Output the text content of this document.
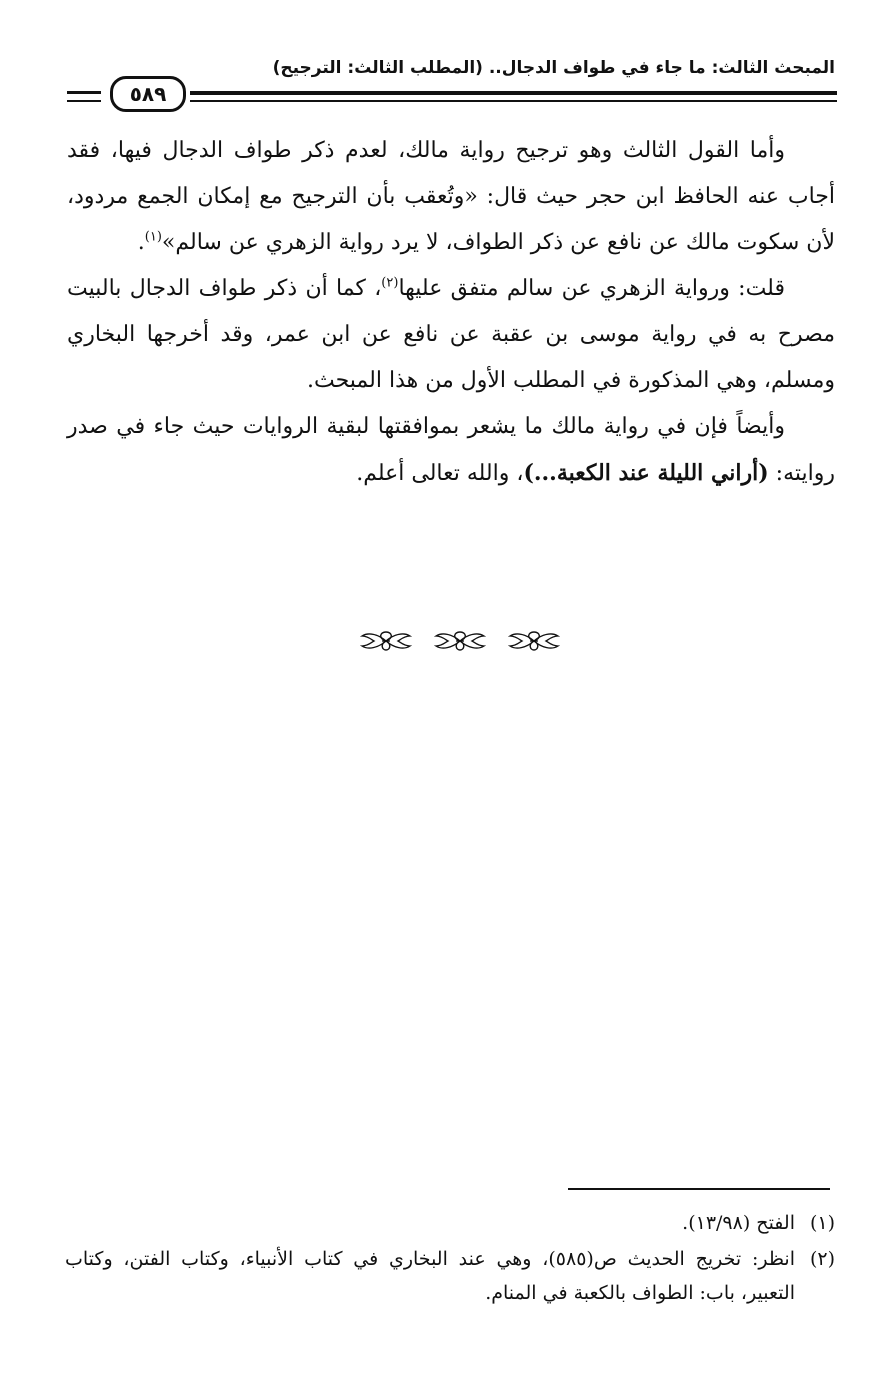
المبحث الثالث: ما جاء في طواف الدجال.. (المطلب الثالث: الترجيح)
٥٨٩

وأما القول الثالث وهو ترجيح رواية مالك، لعدم ذكر طواف الدجال فيها، فقد أجاب عنه الحافظ ابن حجر حيث قال: «وتُعقب بأن الترجيح مع إمكان الجمع مردود، لأن سكوت مالك عن نافع عن ذكر الطواف، لا يرد رواية الزهري عن سالم»$^{(١)}$.

قلت: ورواية الزهري عن سالم متفق عليها$^{(٢)}$، كما أن ذكر طواف الدجال بالبيت مصرح به في رواية موسى بن عقبة عن نافع عن ابن عمر، وقد أخرجها البخاري ومسلم، وهي المذكورة في المطلب الأول من هذا المبحث.

وأيضاً فإن في رواية مالك ما يشعر بموافقتها لبقية الروايات حيث جاء في صدر روايته: (أراني الليلة عند الكعبة...)، والله تعالى أعلم.

(١)
الفتح (١٣/٩٨).
(٢)
انظر: تخريج الحديث ص(٥٨٥)، وهي عند البخاري في كتاب الأنبياء، وكتاب الفتن، وكتاب التعبير، باب: الطواف بالكعبة في المنام.
